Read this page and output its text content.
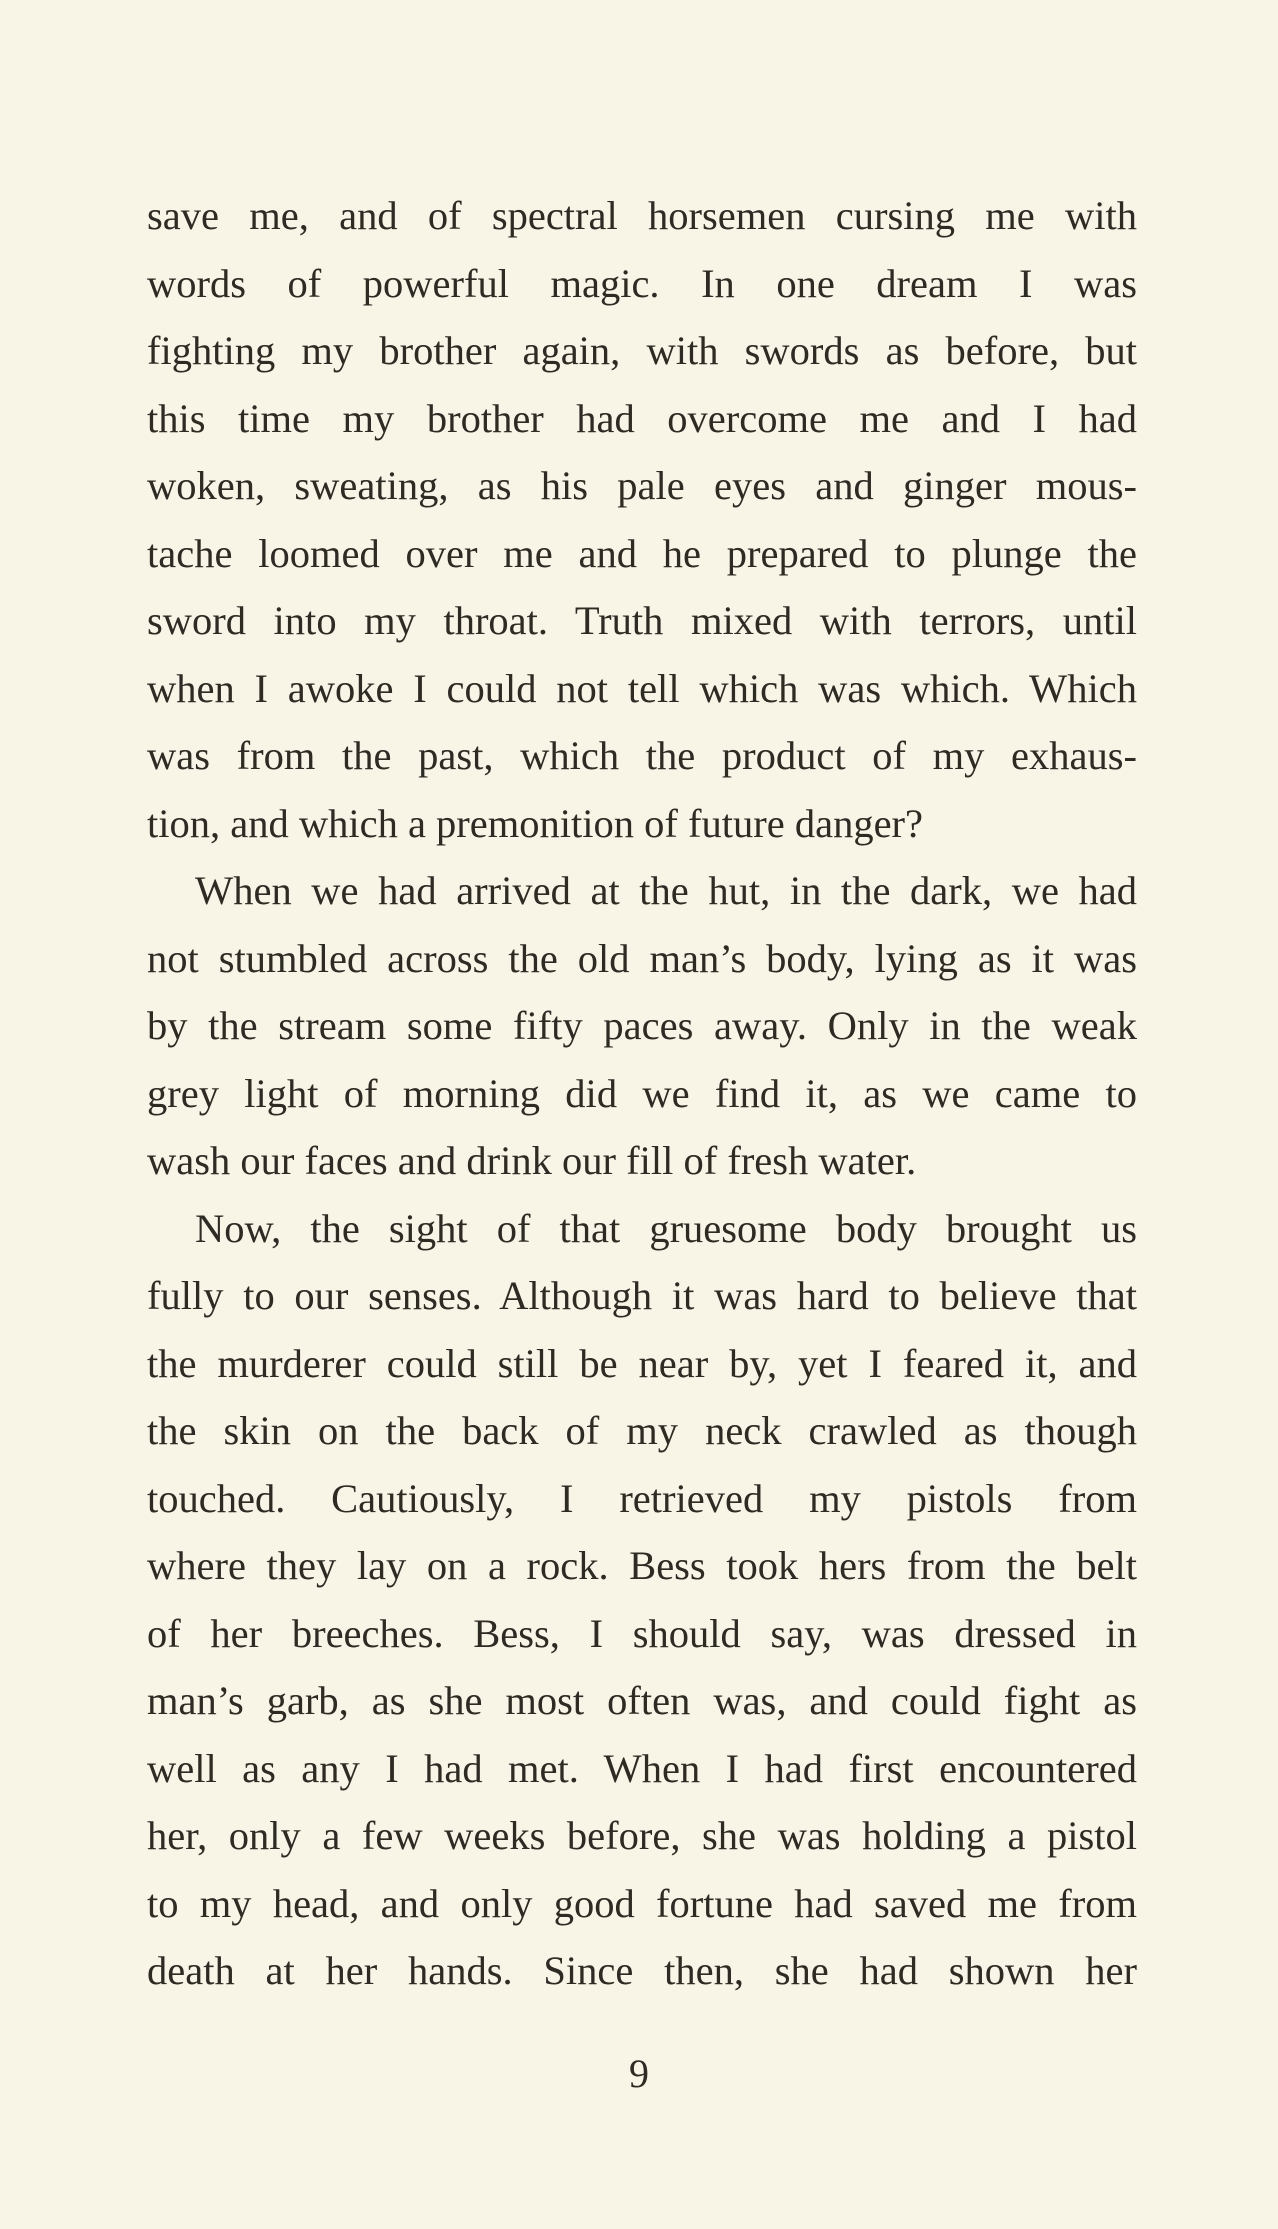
save me, and of spectral horsemen cursing me with
words of powerful magic. In one dream I was
fighting my brother again, with swords as before, but
this time my brother had overcome me and I had
woken, sweating, as his pale eyes and ginger mous-
tache loomed over me and he prepared to plunge the
sword into my throat. Truth mixed with terrors, until
when I awoke I could not tell which was which. Which
was from the past, which the product of my exhaus-
tion, and which a premonition of future danger?
When we had arrived at the hut, in the dark, we had
not stumbled across the old man’s body, lying as it was
by the stream some fifty paces away. Only in the weak
grey light of morning did we find it, as we came to
wash our faces and drink our fill of fresh water.
Now, the sight of that gruesome body brought us
fully to our senses. Although it was hard to believe that
the murderer could still be near by, yet I feared it, and
the skin on the back of my neck crawled as though
touched. Cautiously, I retrieved my pistols from
where they lay on a rock. Bess took hers from the belt
of her breeches. Bess, I should say, was dressed in
man’s garb, as she most often was, and could fight as
well as any I had met. When I had first encountered
her, only a few weeks before, she was holding a pistol
to my head, and only good fortune had saved me from
death at her hands. Since then, she had shown her
9
